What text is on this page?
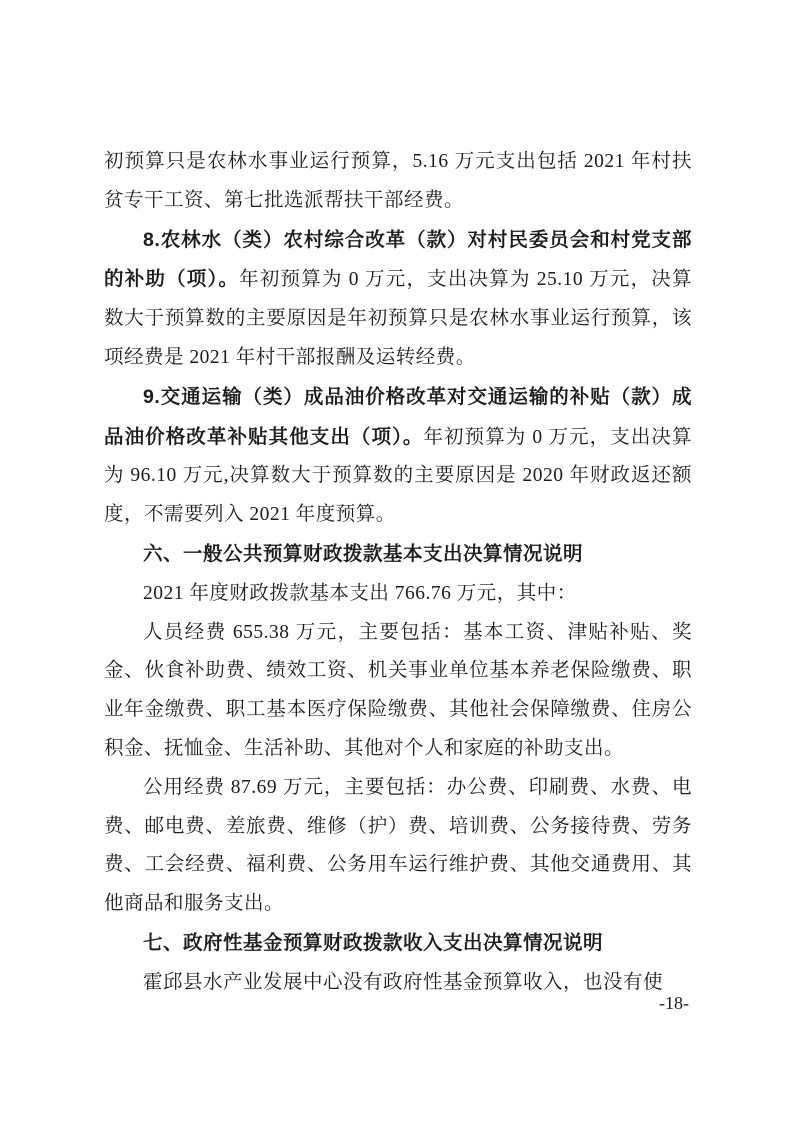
初预算只是农林水事业运行预算，5.16 万元支出包括 2021 年村扶贫专干工资、第七批选派帮扶干部经费。

8.农林水（类）农村综合改革（款）对村民委员会和村党支部的补助（项）。年初预算为 0 万元，支出决算为 25.10 万元，决算数大于预算数的主要原因是年初预算只是农林水事业运行预算，该项经费是 2021 年村干部报酬及运转经费。

9.交通运输（类）成品油价格改革对交通运输的补贴（款）成品油价格改革补贴其他支出（项）。年初预算为 0 万元，支出决算为 96.10 万元,决算数大于预算数的主要原因是 2020 年财政返还额度，不需要列入 2021 年度预算。

六、一般公共预算财政拨款基本支出决算情况说明

2021 年度财政拨款基本支出 766.76 万元，其中：

人员经费 655.38 万元，主要包括：基本工资、津贴补贴、奖金、伙食补助费、绩效工资、机关事业单位基本养老保险缴费、职业年金缴费、职工基本医疗保险缴费、其他社会保障缴费、住房公积金、抚恤金、生活补助、其他对个人和家庭的补助支出。

公用经费 87.69 万元，主要包括：办公费、印刷费、水费、电费、邮电费、差旅费、维修（护）费、培训费、公务接待费、劳务费、工会经费、福利费、公务用车运行维护费、其他交通费用、其他商品和服务支出。

七、政府性基金预算财政拨款收入支出决算情况说明

霍邱县水产业发展中心没有政府性基金预算收入，也没有使

-18-
